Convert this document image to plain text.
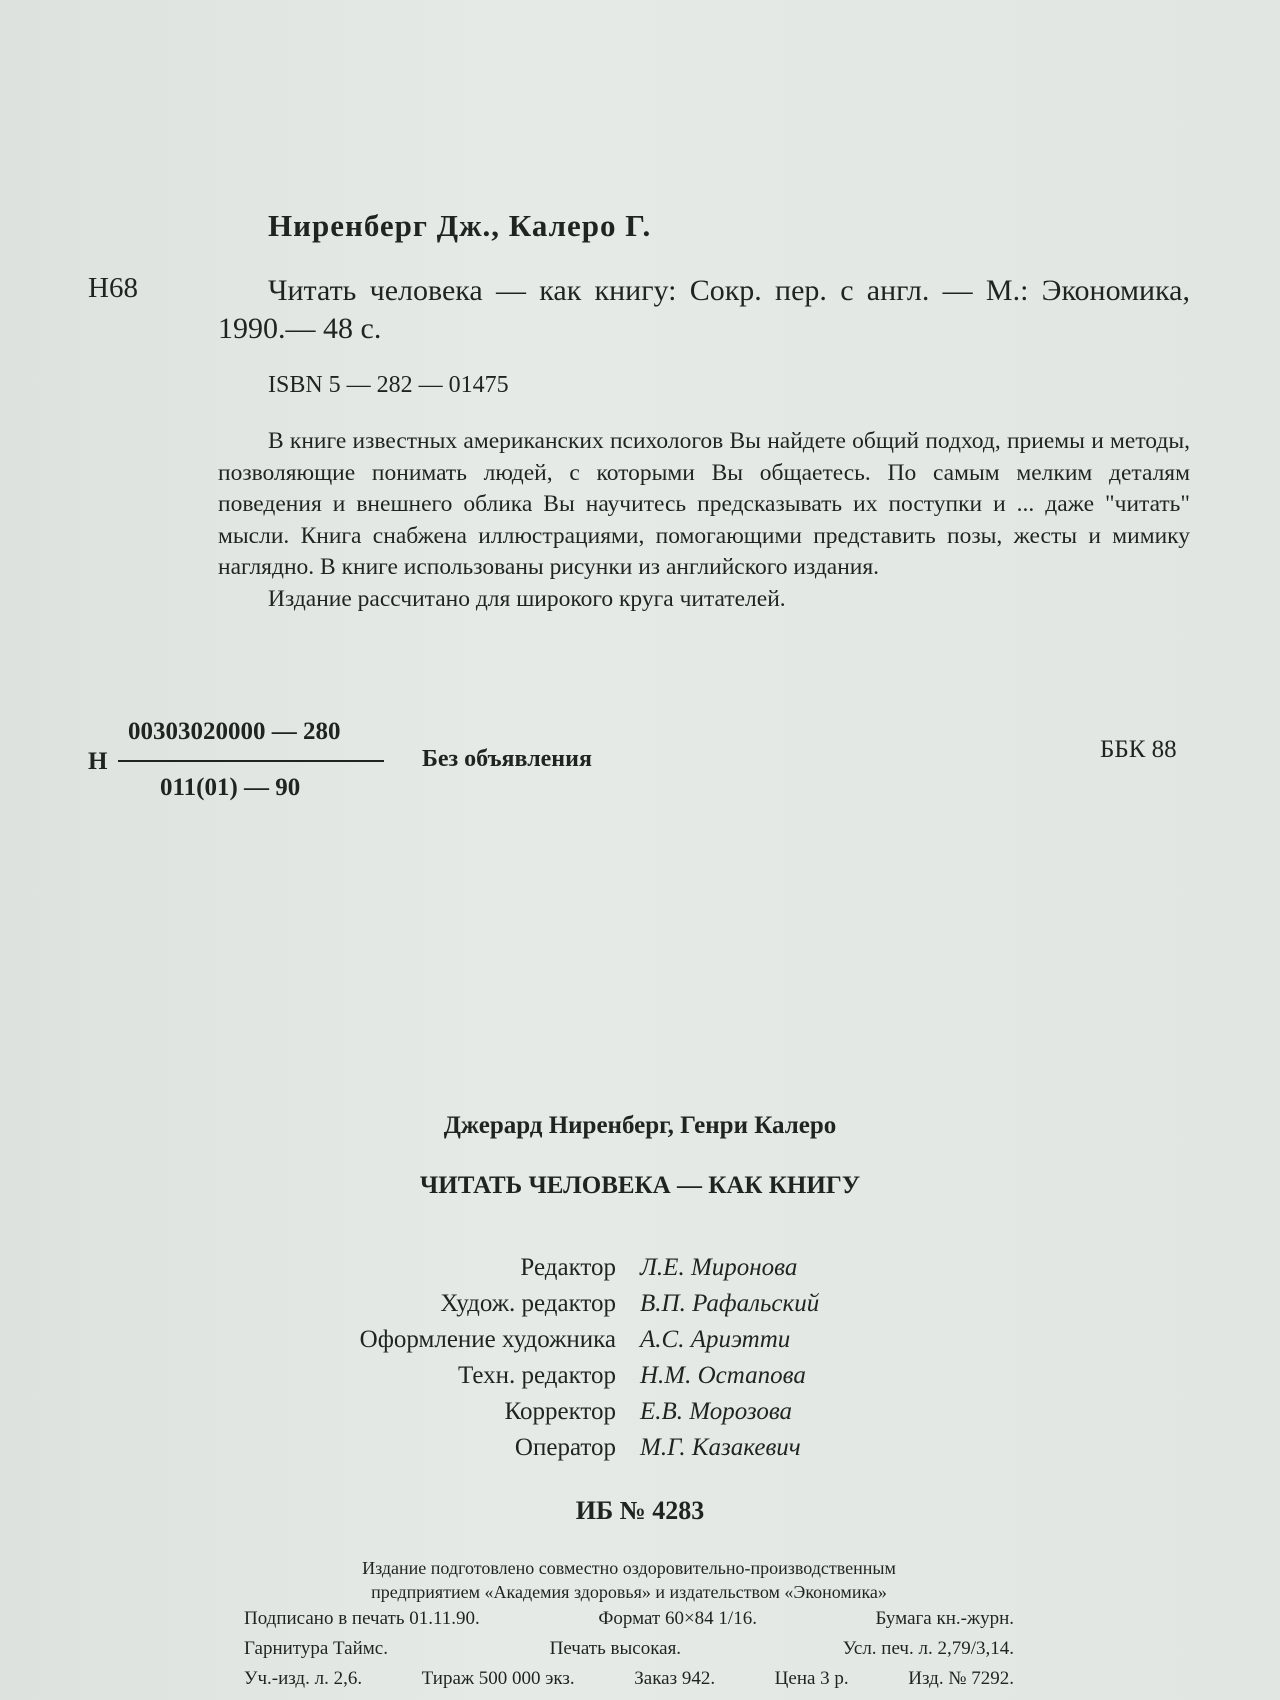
Ниренберг Дж., Калеро Г.
Н68	Читать человека — как книгу: Сокр. пер. с англ. — М.: Экономика, 1990.— 48 с.
ISBN 5 — 282 — 01475

В книге известных американских психологов Вы найдете общий подход, приемы и методы, позволяющие понимать людей, с которыми Вы общаетесь. По самым мелким деталям поведения и внешнего облика Вы научитесь предсказывать их поступки и ... даже "читать" мысли. Книга снабжена иллюстрациями, помогающими представить позы, жесты и мимику наглядно. В книге использованы рисунки из английского издания.

Издание рассчитано для широкого круга читателей.

Н
00303020000 — 280
011(01) — 90
Без объявления	ББК 88
Джерард Ниренберг, Генри Калеро
ЧИТАТЬ ЧЕЛОВЕКА — КАК КНИГУ
Редактор Л.Е. Миронова
Худож. редактор В.П. Рафальский
Оформление художника А.С. Ариэтти
Техн. редактор Н.М. Остапова
Корректор Е.В. Морозова
Оператор М.Г. Казакевич
ИБ № 4283
Издание подготовлено совместно оздоровительно-производственным
предприятием «Академия здоровья» и издательством «Экономика»
Подписано в печать 01.11.90.	Формат 60×84 1/16.	Бумага кн.-журн.
Гарнитура Таймс.	Печать высокая.	Усл. печ. л. 2,79/3,14.
Уч.-изд. л. 2,6.	Тираж 500 000 экз.	Заказ 942.	Цена 3 р.	Изд. № 7292.
